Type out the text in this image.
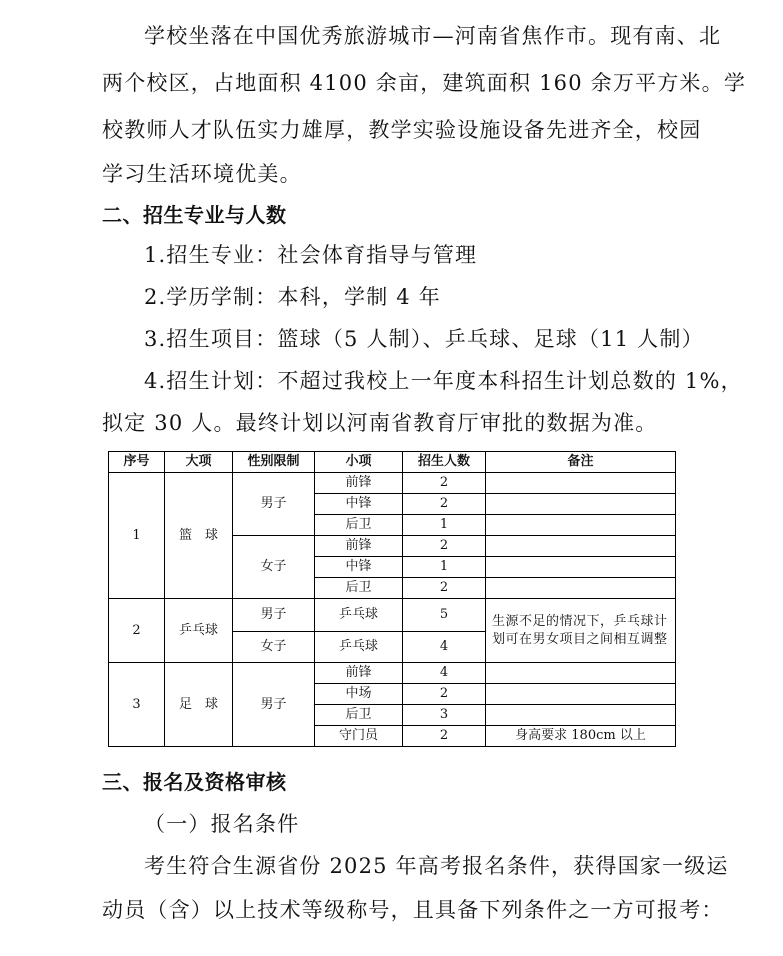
学校坐落在中国优秀旅游城市—河南省焦作市。现有南、北
两个校区，占地面积 4100 余亩，建筑面积 160 余万平方米。学
校教师人才队伍实力雄厚，教学实验设施设备先进齐全，校园
学习生活环境优美。
二、招生专业与人数
1.招生专业：社会体育指导与管理
2.学历学制：本科，学制 4 年
3.招生项目：篮球（5 人制）、乒乓球、足球（11 人制）
4.招生计划：不超过我校上一年度本科招生计划总数的 1%，
拟定 30 人。最终计划以河南省教育厅审批的数据为准。
序号	大项	性别限制	小项	招生人数	备注
1	篮　球	男子	前锋	2	
			中锋	2	
			后卫	1	
		女子	前锋	2	
			中锋	1	
			后卫	2	
2	乒乓球	男子	乒乓球	5	生源不足的情况下，乒乓球计划可在男女项目之间相互调整
		女子	乒乓球	4	
3	足　球	男子	前锋	4	
			中场	2	
			后卫	3	
			守门员	2	身高要求 180cm 以上
三、报名及资格审核
（一）报名条件
考生符合生源省份 2025 年高考报名条件，获得国家一级运
动员（含）以上技术等级称号，且具备下列条件之一方可报考：
